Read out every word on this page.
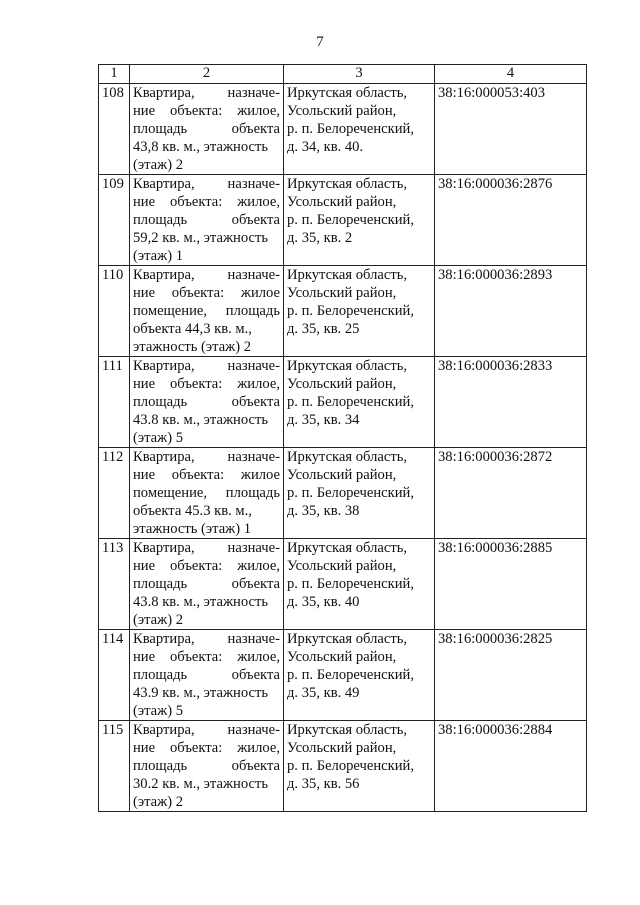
7
1	2	3	4
108	Квартира, назначе-
ние объекта: жилое,
площадь объекта
43,8 кв. м., этажность
(этаж) 2	Иркутская область,
Усольский район,
р. п. Белореченский,
д. 34, кв. 40.	38:16:000053:403
109	Квартира, назначе-
ние объекта: жилое,
площадь объекта
59,2 кв. м., этажность
(этаж) 1	Иркутская область,
Усольский район,
р. п. Белореченский,
д. 35, кв. 2	38:16:000036:2876
110	Квартира, назначе-
ние объекта: жилое
помещение, площадь
объекта 44,3 кв. м.,
этажность (этаж) 2	Иркутская область,
Усольский район,
р. п. Белореченский,
д. 35, кв. 25	38:16:000036:2893
111	Квартира, назначе-
ние объекта: жилое,
площадь объекта
43.8 кв. м., этажность
(этаж) 5	Иркутская область,
Усольский район,
р. п. Белореченский,
д. 35, кв. 34	38:16:000036:2833
112	Квартира, назначе-
ние объекта: жилое
помещение, площадь
объекта 45.3 кв. м.,
этажность (этаж) 1	Иркутская область,
Усольский район,
р. п. Белореченский,
д. 35, кв. 38	38:16:000036:2872
113	Квартира, назначе-
ние объекта: жилое,
площадь объекта
43.8 кв. м., этажность
(этаж) 2	Иркутская область,
Усольский район,
р. п. Белореченский,
д. 35, кв. 40	38:16:000036:2885
114	Квартира, назначе-
ние объекта: жилое,
площадь объекта
43.9 кв. м., этажность
(этаж) 5	Иркутская область,
Усольский район,
р. п. Белореченский,
д. 35, кв. 49	38:16:000036:2825
115	Квартира, назначе-
ние объекта: жилое,
площадь объекта
30.2 кв. м., этажность
(этаж) 2	Иркутская область,
Усольский район,
р. п. Белореченский,
д. 35, кв. 56	38:16:000036:2884
